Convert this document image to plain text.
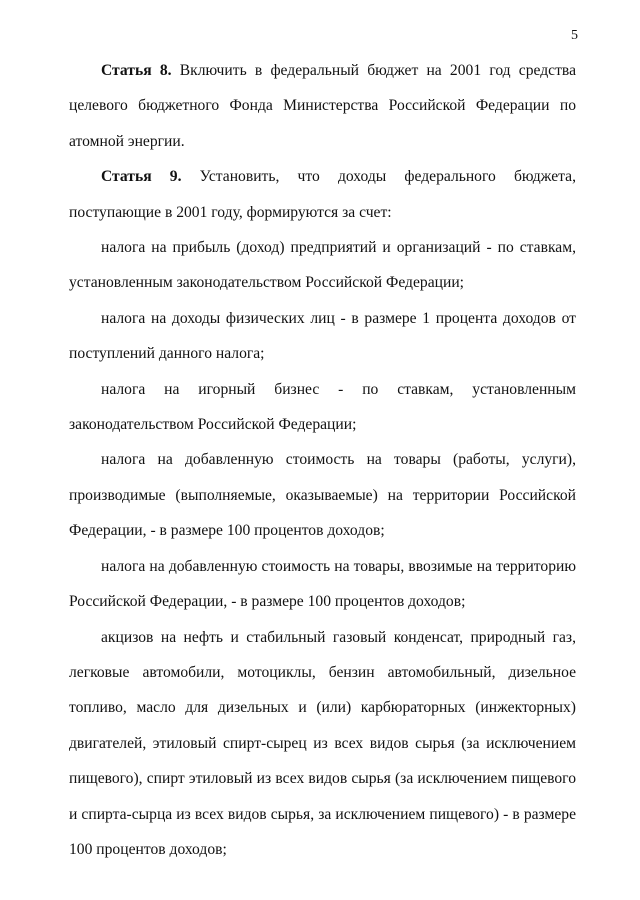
5

Статья 8. Включить в федеральный бюджет на 2001 год средства целевого бюджетного Фонда Министерства Российской Федерации по атомной энергии.

Статья 9. Установить, что доходы федерального бюджета, поступающие в 2001 году, формируются за счет:

налога на прибыль (доход) предприятий и организаций - по ставкам, установленным законодательством Российской Федерации;

налога на доходы физических лиц - в размере 1 процента доходов от поступлений данного налога;

налога на игорный бизнес - по ставкам, установленным законодательством Российской Федерации;

налога на добавленную стоимость на товары (работы, услуги), производимые (выполняемые, оказываемые) на территории Российской Федерации, - в размере 100 процентов доходов;

налога на добавленную стоимость на товары, ввозимые на территорию Российской Федерации, - в размере 100 процентов доходов;

акцизов на нефть и стабильный газовый конденсат, природный газ, легковые автомобили, мотоциклы, бензин автомобильный, дизельное топливо, масло для дизельных и (или) карбюраторных (инжекторных) двигателей, этиловый спирт-сырец из всех видов сырья (за исключением пищевого), спирт этиловый из всех видов сырья (за исключением пищевого и спирта-сырца из всех видов сырья, за исключением пищевого) - в размере 100 процентов доходов;
